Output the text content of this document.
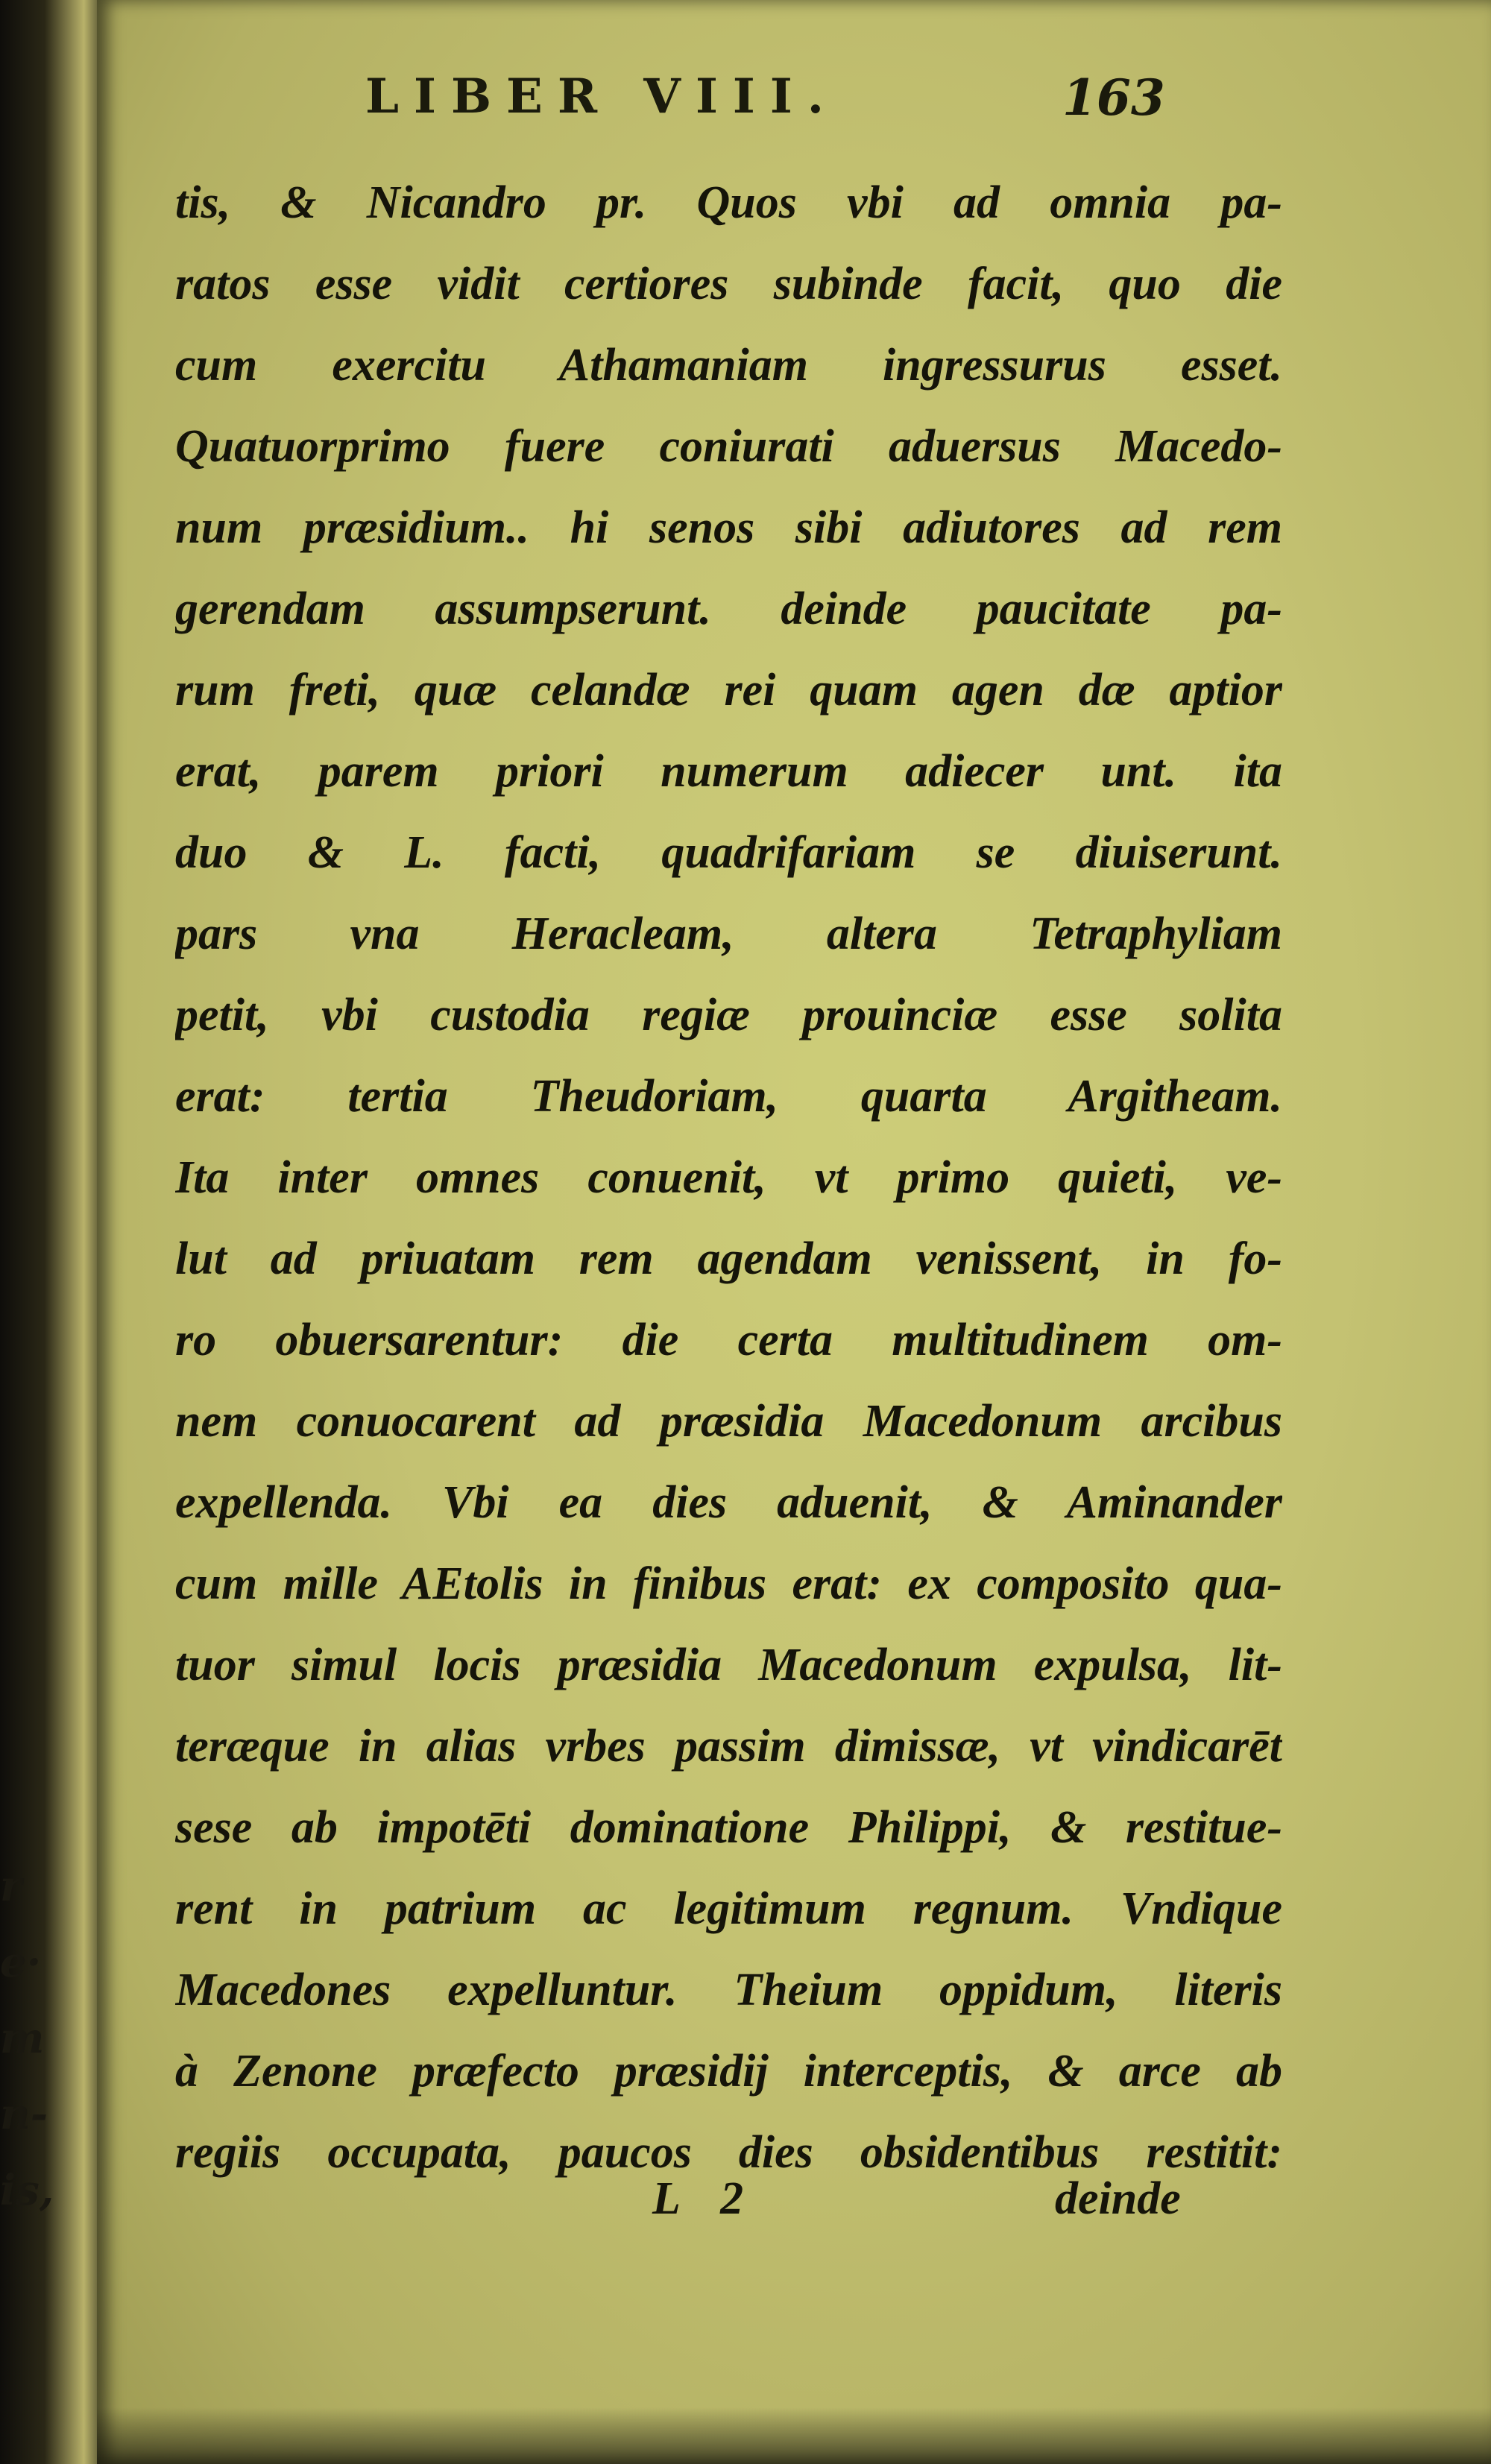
r
e·
m
n-
is,
LIBER VIII.	163
tis, & Nicandro pr. Quos vbi ad omnia pa-
ratos esse vidit certiores subinde facit, quo die
cum exercitu Athamaniam ingressurus esset.
Quatuorprimo fuere coniurati aduersus Macedo-
num præsidium.. hi senos sibi adiutores ad rem
gerendam assumpserunt. deinde paucitate pa-
rum freti, quæ celandæ rei quam agen dæ aptior
erat, parem priori numerum adiecer unt. ita
duo & L. facti, quadrifariam se diuiserunt.
pars vna Heracleam, altera Tetraphyliam
petit, vbi custodia regiæ prouinciæ esse solita
erat: tertia Theudoriam, quarta Argitheam.
Ita inter omnes conuenit, vt primo quieti, ve-
lut ad priuatam rem agendam venissent, in fo-
ro obuersarentur: die certa multitudinem om-
nem conuocarent ad præsidia Macedonum arcibus
expellenda. Vbi ea dies aduenit, & Aminander
cum mille AEtolis in finibus erat: ex composito qua-
tuor simul locis præsidia Macedonum expulsa, lit-
teræque in alias vrbes passim dimissæ, vt vindicarēt
sese ab impotēti dominatione Philippi, & restitue-
rent in patrium ac legitimum regnum. Vndique
Macedones expelluntur. Theium oppidum, literis
à Zenone præfecto præsidij interceptis, & arce ab
regiis occupata, paucos dies obsidentibus restitit:
L 2	deinde
